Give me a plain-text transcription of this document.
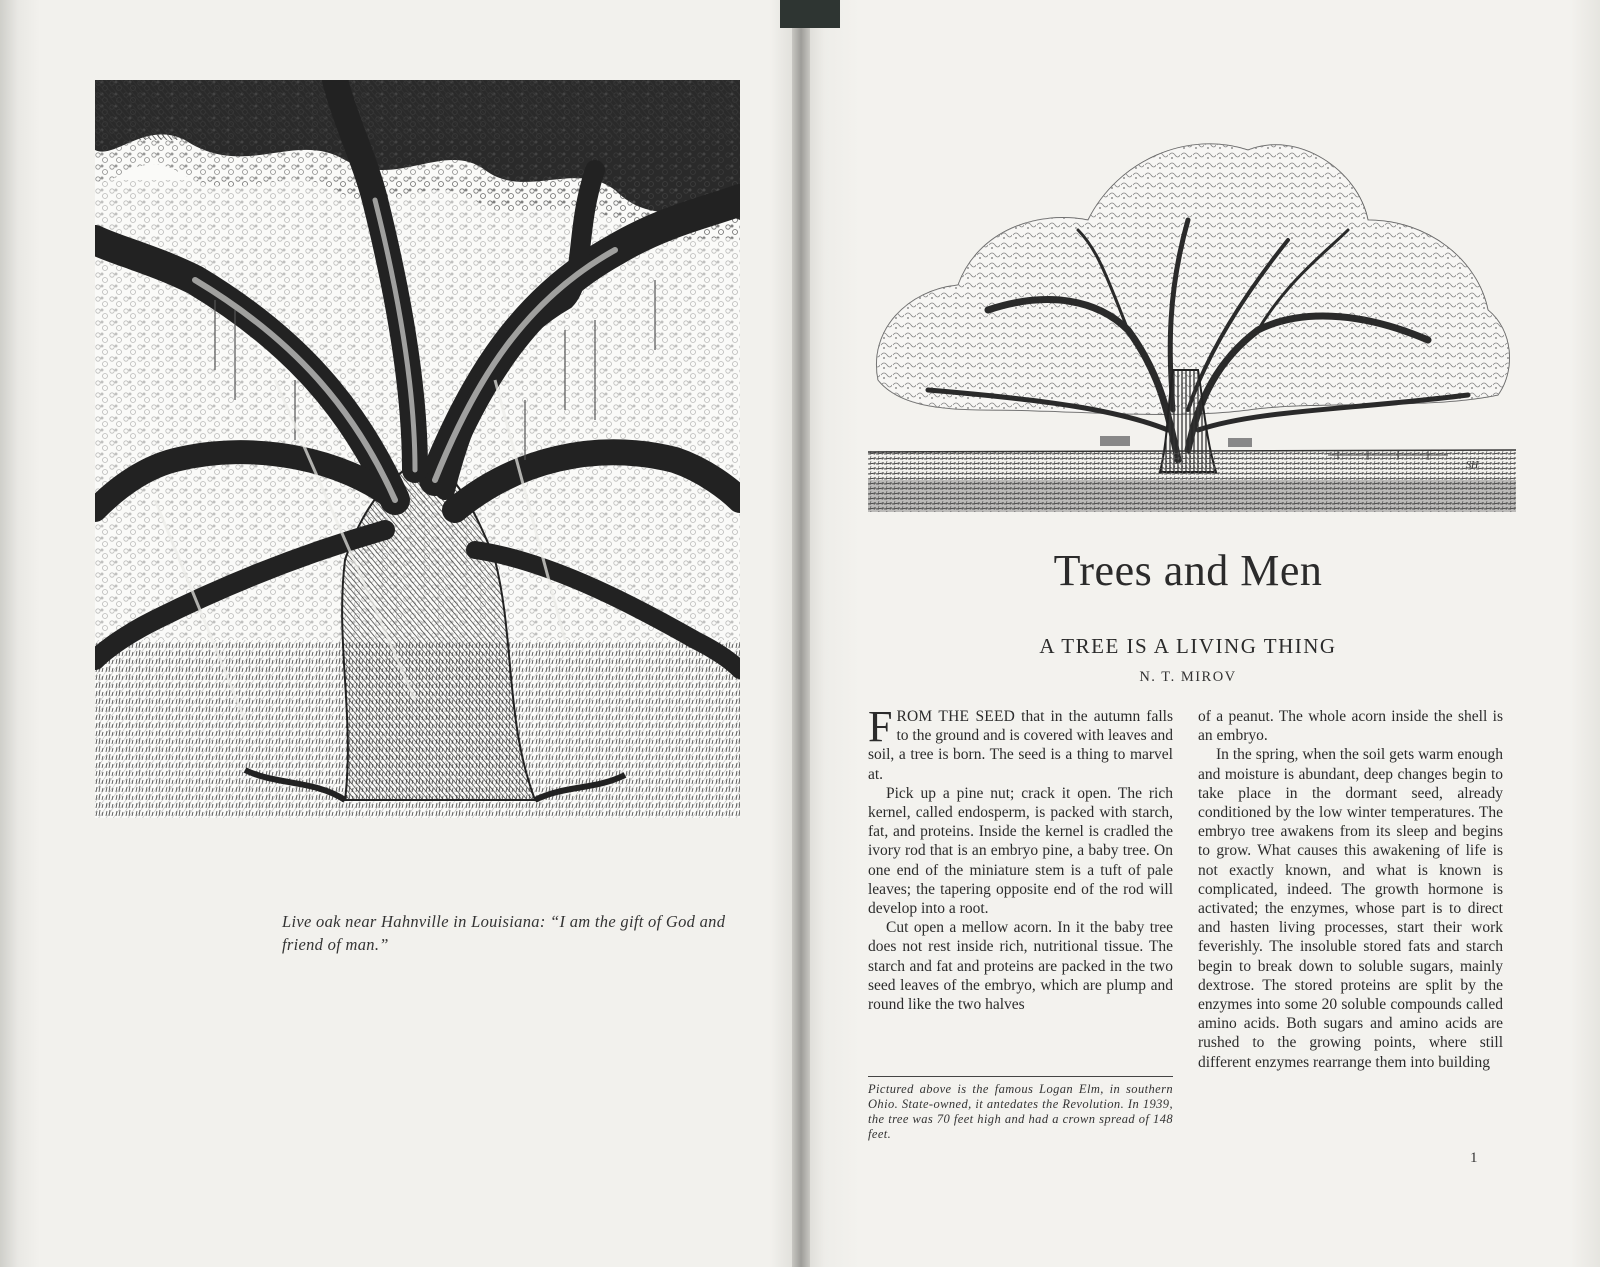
Live oak near Hahnville in Louisiana: “I am the gift of God and friend of man.”
SH
Trees and Men
A TREE IS A LIVING THING
N. T. MIROV

FROM THE SEED that in the autumn falls to the ground and is covered with leaves and soil, a tree is born. The seed is a thing to marvel at.

Pick up a pine nut; crack it open. The rich kernel, called endosperm, is packed with starch, fat, and proteins. Inside the kernel is cradled the ivory rod that is an embryo pine, a baby tree. On one end of the miniature stem is a tuft of pale leaves; the tapering opposite end of the rod will develop into a root.

Cut open a mellow acorn. In it the baby tree does not rest inside rich, nutritional tissue. The starch and fat and proteins are packed in the two seed leaves of the embryo, which are plump and round like the two halves

Pictured above is the famous Logan Elm, in southern Ohio. State-owned, it antedates the Revolution. In 1939, the tree was 70 feet high and had a crown spread of 148 feet.

of a peanut. The whole acorn inside the shell is an embryo.

In the spring, when the soil gets warm enough and moisture is abundant, deep changes begin to take place in the dormant seed, already conditioned by the low winter temperatures. The embryo tree awakens from its sleep and begins to grow. What causes this awakening of life is not exactly known, and what is known is complicated, indeed. The growth hormone is activated; the enzymes, whose part is to direct and hasten living processes, start their work feverishly. The insoluble stored fats and starch begin to break down to soluble sugars, mainly dextrose. The stored proteins are split by the enzymes into some 20 soluble compounds called amino acids. Both sugars and amino acids are rushed to the growing points, where still different enzymes rearrange them into building

1
